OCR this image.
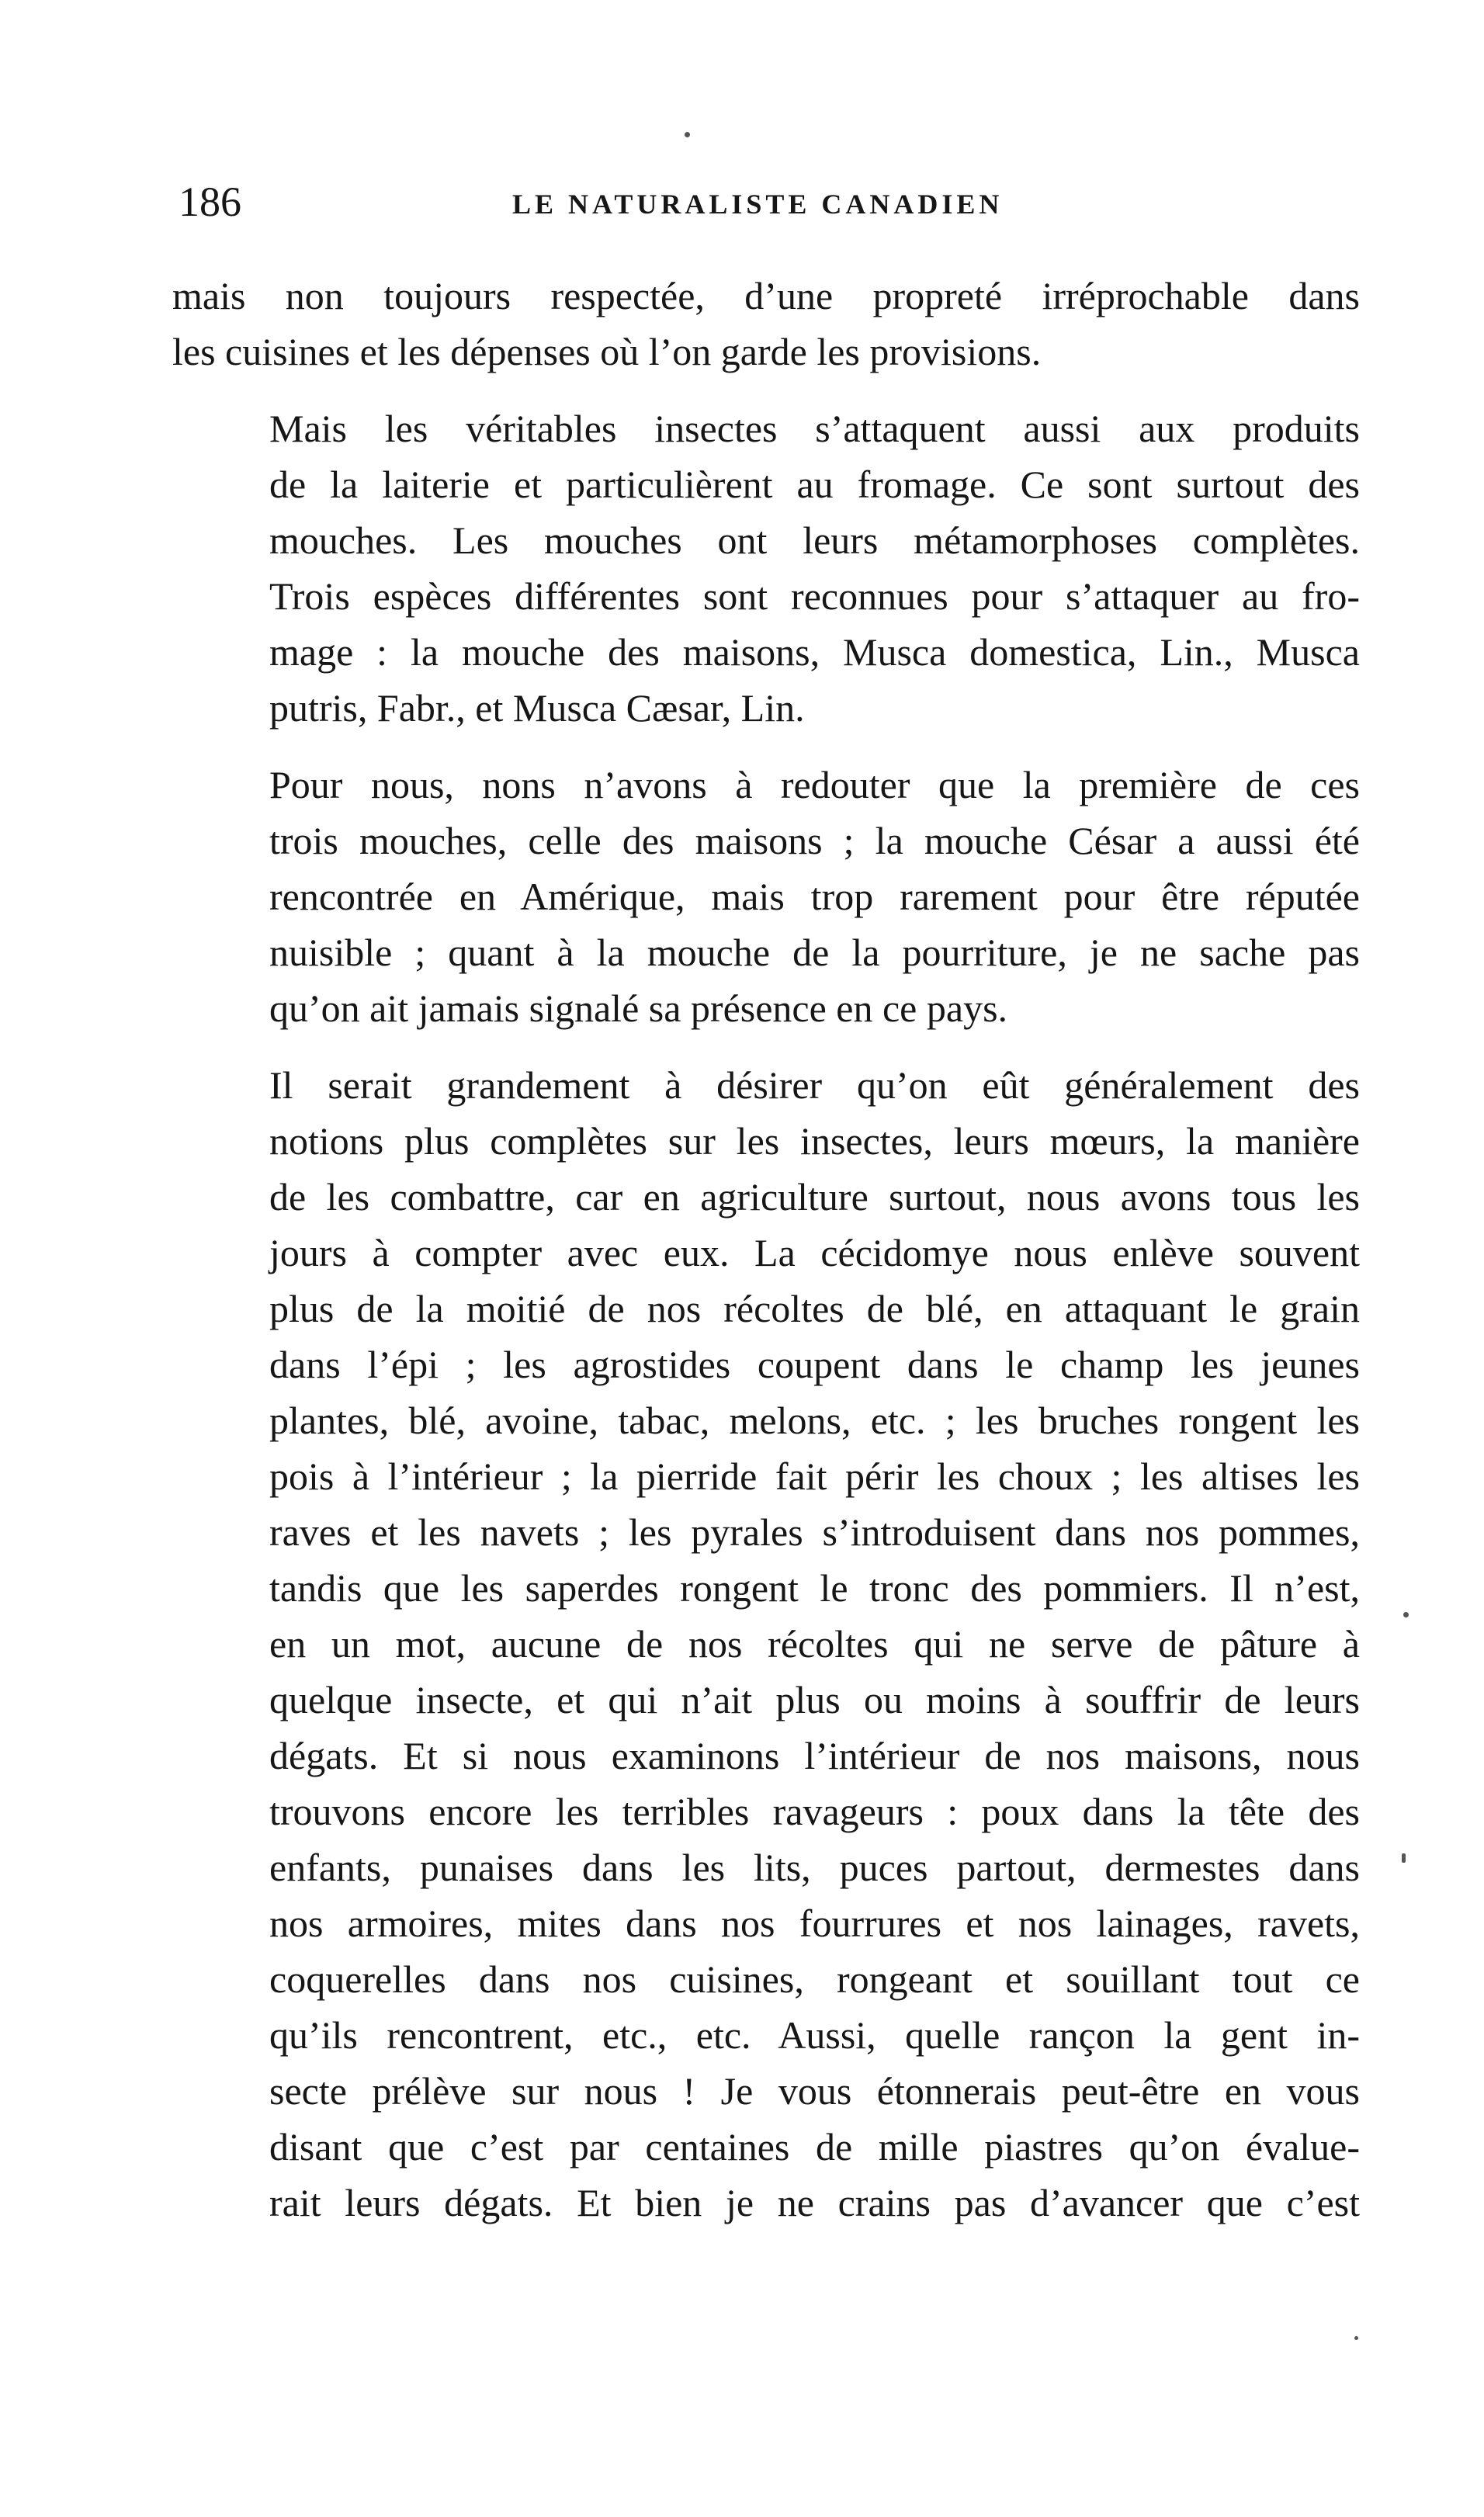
186	LE NATURALISTE CANADIEN
mais non toujours respectée, d’une propreté irréprochable dans
les cuisines et les dépenses où l’on garde les provisions.
Mais les véritables insectes s’attaquent aussi aux produits
de la laiterie et particulièrent au fromage. Ce sont surtout des
mouches. Les mouches ont leurs métamorphoses complètes.
Trois espèces différentes sont reconnues pour s’attaquer au fro-
mage : la mouche des maisons, Musca domestica, Lin., Musca
putris, Fabr., et Musca Cæsar, Lin.
Pour nous, nons n’avons à redouter que la première de ces
trois mouches, celle des maisons ; la mouche César a aussi été
rencontrée en Amérique, mais trop rarement pour être réputée
nuisible ; quant à la mouche de la pourriture, je ne sache pas
qu’on ait jamais signalé sa présence en ce pays.
Il serait grandement à désirer qu’on eût généralement des
notions plus complètes sur les insectes, leurs mœurs, la manière
de les combattre, car en agriculture surtout, nous avons tous les
jours à compter avec eux. La cécidomye nous enlève souvent
plus de la moitié de nos récoltes de blé, en attaquant le grain
dans l’épi ; les agrostides coupent dans le champ les jeunes
plantes, blé, avoine, tabac, melons, etc. ; les bruches rongent les
pois à l’intérieur ; la pierride fait périr les choux ; les altises les
raves et les navets ; les pyrales s’introduisent dans nos pommes,
tandis que les saperdes rongent le tronc des pommiers. Il n’est,
en un mot, aucune de nos récoltes qui ne serve de pâture à
quelque insecte, et qui n’ait plus ou moins à souffrir de leurs
dégats. Et si nous examinons l’intérieur de nos maisons, nous
trouvons encore les terribles ravageurs : poux dans la tête des
enfants, punaises dans les lits, puces partout, dermestes dans
nos armoires, mites dans nos fourrures et nos lainages, ravets,
coquerelles dans nos cuisines, rongeant et souillant tout ce
qu’ils rencontrent, etc., etc. Aussi, quelle rançon la gent in-
secte prélève sur nous ! Je vous étonnerais peut-être en vous
disant que c’est par centaines de mille piastres qu’on évalue-
rait leurs dégats. Et bien je ne crains pas d’avancer que c’est
